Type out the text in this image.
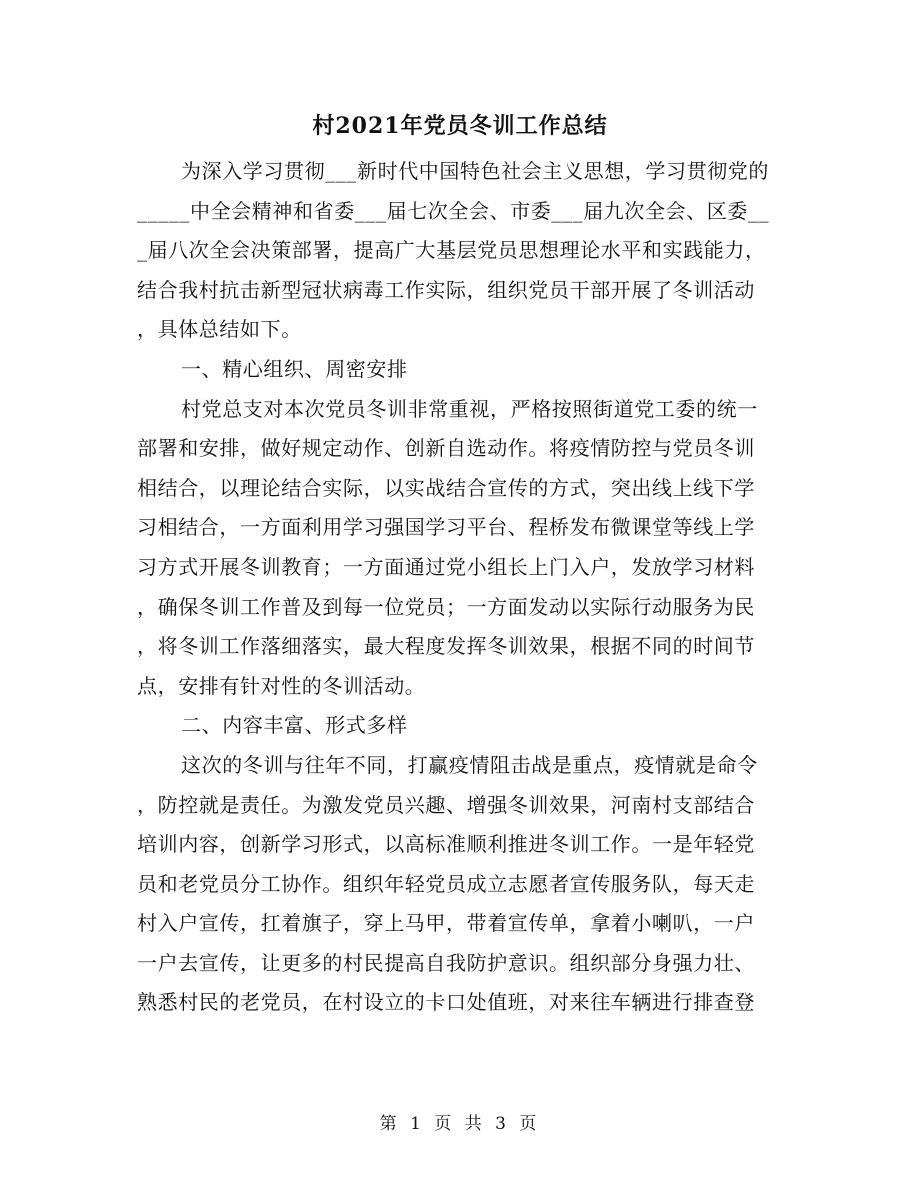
村2021年党员冬训工作总结
为深入学习贯彻___新时代中国特色社会主义思想，学习贯彻党的
_____中全会精神和省委___届七次全会、市委___届九次全会、区委__
_届八次全会决策部署，提高广大基层党员思想理论水平和实践能力，
结合我村抗击新型冠状病毒工作实际，组织党员干部开展了冬训活动
，具体总结如下。
一、精心组织、周密安排
村党总支对本次党员冬训非常重视，严格按照街道党工委的统一
部署和安排，做好规定动作、创新自选动作。将疫情防控与党员冬训
相结合，以理论结合实际，以实战结合宣传的方式，突出线上线下学
习相结合，一方面利用学习强国学习平台、程桥发布微课堂等线上学
习方式开展冬训教育；一方面通过党小组长上门入户，发放学习材料
，确保冬训工作普及到每一位党员；一方面发动以实际行动服务为民
，将冬训工作落细落实，最大程度发挥冬训效果，根据不同的时间节
点，安排有针对性的冬训活动。
二、内容丰富、形式多样
这次的冬训与往年不同，打赢疫情阻击战是重点，疫情就是命令
，防控就是责任。为激发党员兴趣、增强冬训效果，河南村支部结合
培训内容，创新学习形式，以高标准顺利推进冬训工作。一是年轻党
员和老党员分工协作。组织年轻党员成立志愿者宣传服务队，每天走
村入户宣传，扛着旗子，穿上马甲，带着宣传单，拿着小喇叭，一户
一户去宣传，让更多的村民提高自我防护意识。组织部分身强力壮、
熟悉村民的老党员，在村设立的卡口处值班，对来往车辆进行排查登
第 1 页 共 3 页
